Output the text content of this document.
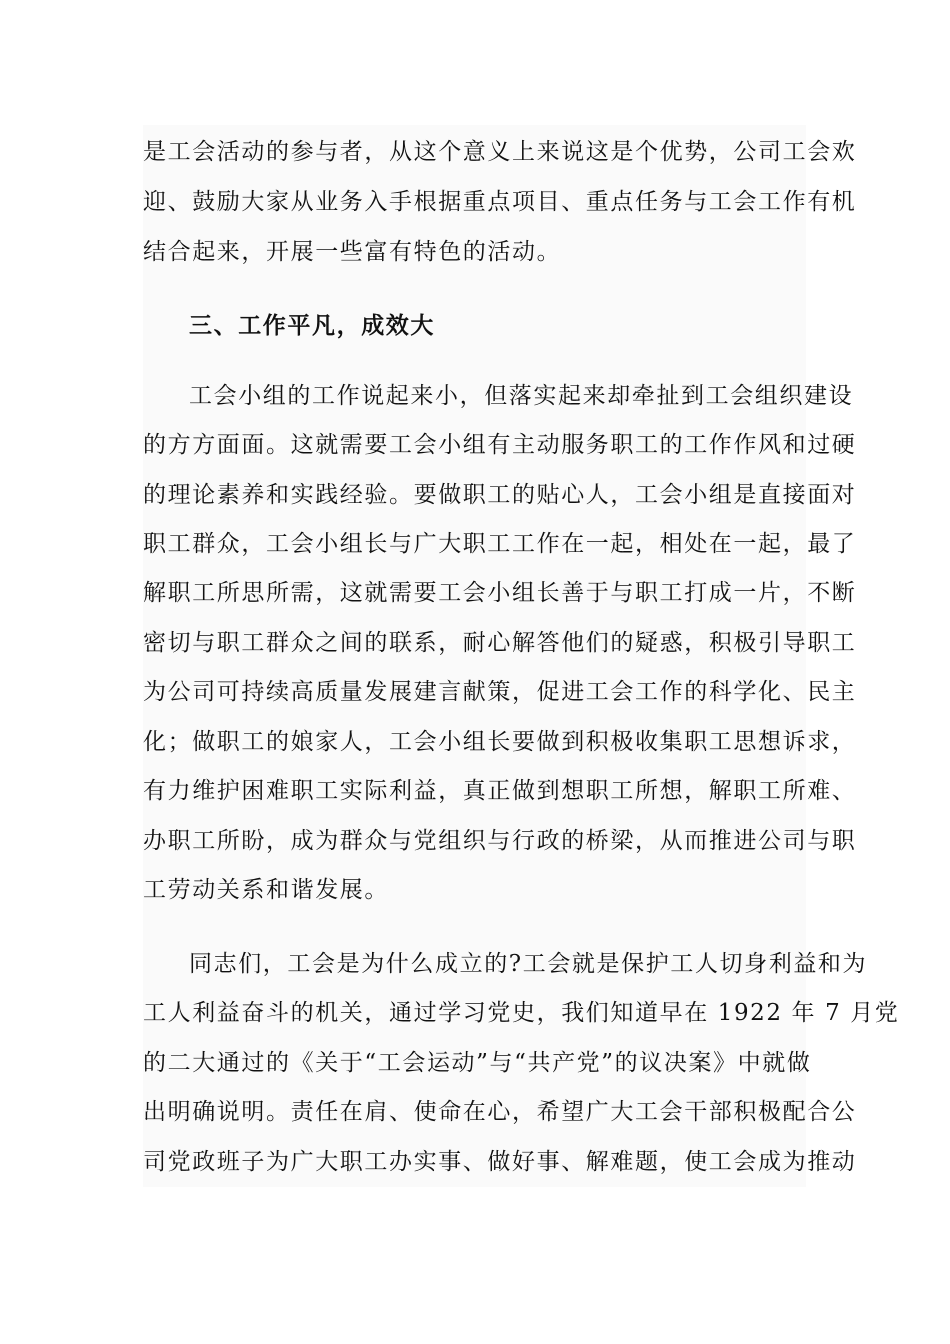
是工会活动的参与者，从这个意义上来说这是个优势，公司工会欢
迎、鼓励大家从业务入手根据重点项目、重点任务与工会工作有机
结合起来，开展一些富有特色的活动。
三、工作平凡，成效大
工会小组的工作说起来小，但落实起来却牵扯到工会组织建设
的方方面面。这就需要工会小组有主动服务职工的工作作风和过硬
的理论素养和实践经验。要做职工的贴心人，工会小组是直接面对
职工群众，工会小组长与广大职工工作在一起，相处在一起，最了
解职工所思所需，这就需要工会小组长善于与职工打成一片，不断
密切与职工群众之间的联系，耐心解答他们的疑惑，积极引导职工
为公司可持续高质量发展建言献策，促进工会工作的科学化、民主
化；做职工的娘家人，工会小组长要做到积极收集职工思想诉求，
有力维护困难职工实际利益，真正做到想职工所想，解职工所难、
办职工所盼，成为群众与党组织与行政的桥梁，从而推进公司与职
工劳动关系和谐发展。
同志们，工会是为什么成立的?工会就是保护工人切身利益和为
工人利益奋斗的机关，通过学习党史，我们知道早在 1922 年 7 月党
的二大通过的《关于“工会运动”与“共产党”的议决案》中就做
出明确说明。责任在肩、使命在心，希望广大工会干部积极配合公
司党政班子为广大职工办实事、做好事、解难题，使工会成为推动
